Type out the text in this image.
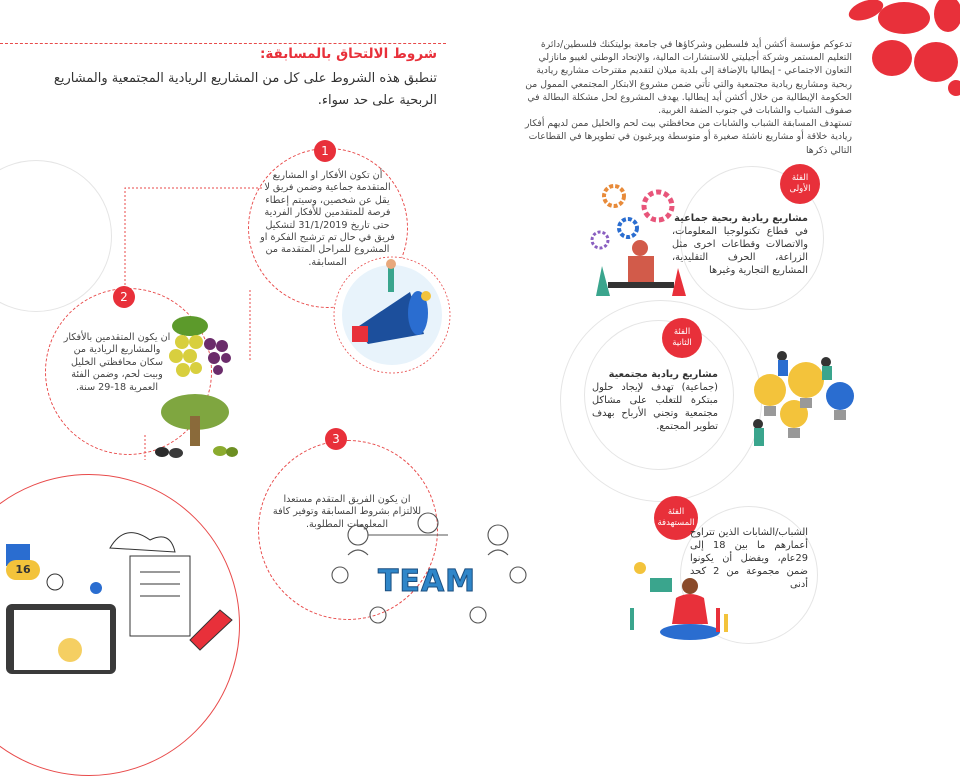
تدعوكم مؤسسة أكشن أيد فلسطين وشركاؤها في جامعة بوليتكنك فلسطين/دائرة التعليم المستمر وشركة أجيليتي للاستشارات المالية، والإتحاد الوطني لغيبو مانازلي التعاون الاجتماعي - إيطاليا بالإضافة إلى بلدية ميلان لتقديم مقترحات مشاريع ريادية ربحية ومشاريع ريادية مجتمعية والتي تأتي ضمن مشروع الابتكار المجتمعي الممول من الحكومة الإيطالية من خلال أكشن أيد إيطاليا. يهدف المشروع لحل مشكلة البطالة في صفوف الشباب والشابات في جنوب الضفة الغربية.

تستهدف المسابقة الشباب والشابات من محافظتي بيت لحم والخليل ممن لديهم أفكار ريادية خلاقة أو مشاريع ناشئة صغيرة أو متوسطة ويرغبون في تطويرها في القطاعات التالي ذكرها

شروط الالتحاق بالمسابقة:
تنطبق هذه الشروط على كل من المشاريع الريادية المجتمعية والمشاريع الربحية على حد سواء.
1
أن تكون الأفكار او المشاريع المتقدمة جماعية وضمن فريق لا يقل عن شخصين، وسيتم إعطاء فرصة للمتقدمين للأفكار الفردية حتى تاريخ 31/1/2019 لتشكيل فريق في حال تم ترشيح الفكرة او المشروع للمراحل المتقدمة من المسابقة.
2
ان يكون المتقدمين بالأفكار والمشاريع الريادية من سكان محافظتي الخليل وبيت لحم، وضمن الفئة العمرية 18-29 سنة.
3
ان يكون الفريق المتقدم مستعدا للالتزام بشروط المسابقة وتوفير كافة المعلومات المطلوبة.
TEAM
16
الفئة
الأولى
مشاريع ريادية ربحية جماعية
في قطاع تكنولوجيا المعلومات، والاتصالات وقطاعات اخرى مثل الزراعة، الحرف التقليدية، المشاريع التجارية وغيرها
الفئة
الثانية
مشاريع ريادية مجتمعية
(جماعية) تهدف لإيجاد حلول مبتكرة للتغلب على مشاكل مجتمعية وتجني الأرباح بهدف تطوير المجتمع.
الفئة
المستهدفة
الشباب/الشابات الذين تتراوح أعمارهم ما بين 18 إلى 29عام، ويفضل أن يكونوا ضمن مجموعة من 2 كحد أدنى
